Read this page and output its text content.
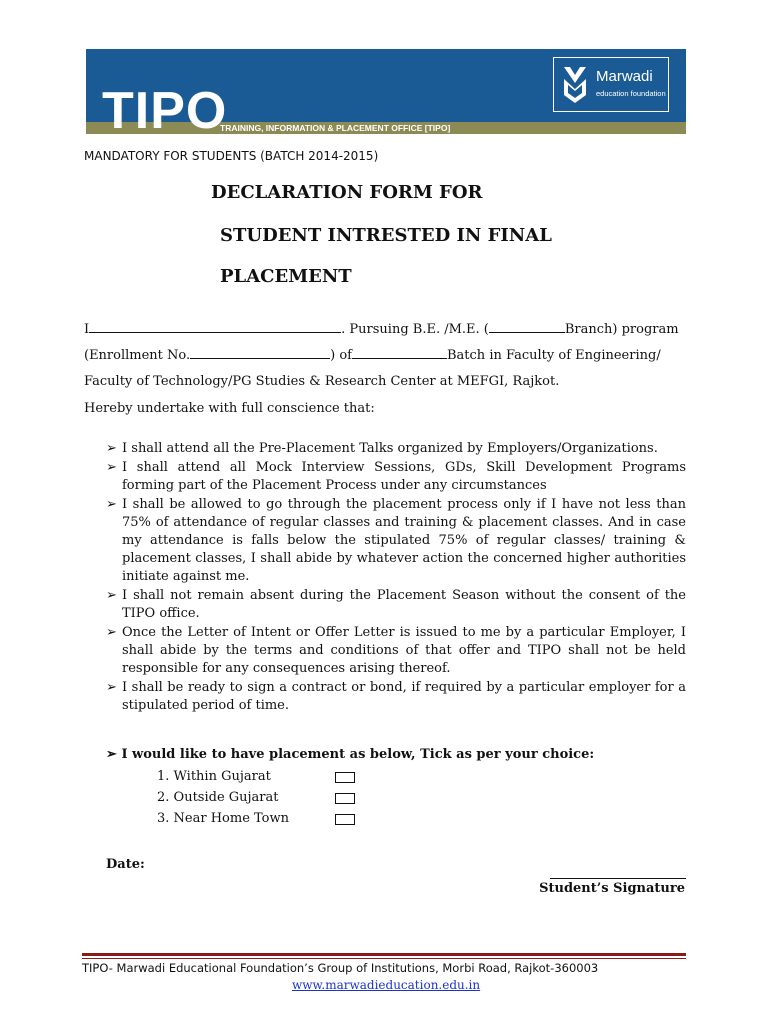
TIPO
TRAINING, INFORMATION & PLACEMENT OFFICE [TIPO]
Marwadi
education foundation
MANDATORY FOR STUDENTS (BATCH 2014-2015)
DECLARATION FORM FOR
STUDENT INTRESTED IN FINAL
PLACEMENT
I	. Pursuing B.E. /M.E. (	Branch) program
(Enrollment No.	) of	Batch in Faculty of Engineering/
Faculty of Technology/PG Studies & Research Center at MEFGI, Rajkot.
Hereby undertake with full conscience that:
➢ I shall attend all the Pre-Placement Talks organized by Employers/Organizations.
➢ I shall attend all Mock Interview Sessions, GDs, Skill Development Programs forming part of the Placement Process under any circumstances
➢ I shall be allowed to go through the placement process only if I have not less than 75% of attendance of regular classes and training & placement classes. And in case my attendance is falls below the stipulated 75% of regular classes/ training & placement classes, I shall abide by whatever action the concerned higher authorities initiate against me.
➢ I shall not remain absent during the Placement Season without the consent of the TIPO office.
➢ Once the Letter of Intent or Offer Letter is issued to me by a particular Employer, I shall abide by the terms and conditions of that offer and TIPO shall not be held responsible for any consequences arising thereof.
➢ I shall be ready to sign a contract or bond, if required by a particular employer for a stipulated period of time.
➢ I would like to have placement as below, Tick as per your choice:
1. Within Gujarat
2. Outside Gujarat
3. Near Home Town
Date:
Student’s Signature
TIPO- Marwadi Educational Foundation’s Group of Institutions, Morbi Road, Rajkot-360003
www.marwadieducation.edu.in
